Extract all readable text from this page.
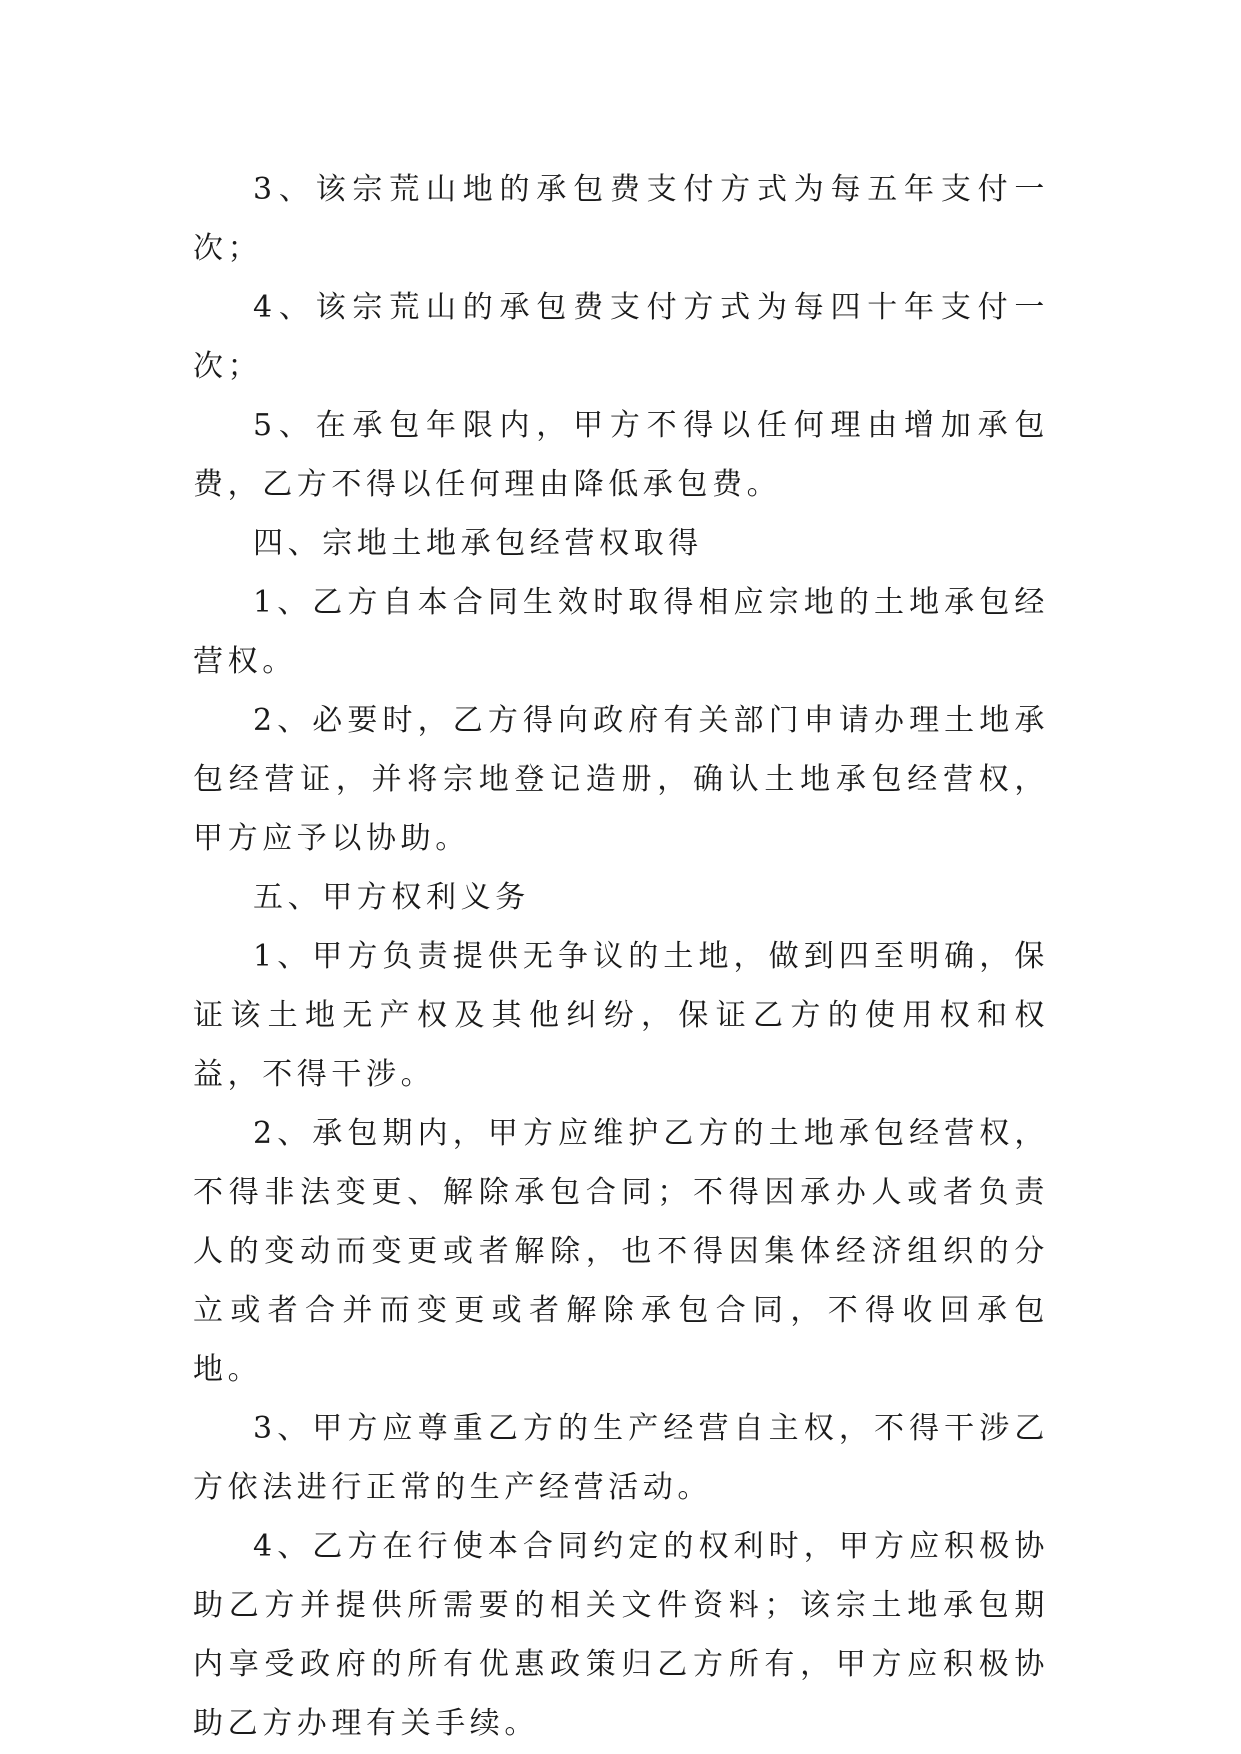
3、该宗荒山地的承包费支付方式为每五年支付一次；

4、该宗荒山的承包费支付方式为每四十年支付一次；

5、在承包年限内，甲方不得以任何理由增加承包费，乙方不得以任何理由降低承包费。

四、宗地土地承包经营权取得

1、乙方自本合同生效时取得相应宗地的土地承包经营权。

2、必要时，乙方得向政府有关部门申请办理土地承包经营证，并将宗地登记造册，确认土地承包经营权，甲方应予以协助。

五、甲方权利义务

1、甲方负责提供无争议的土地，做到四至明确，保证该土地无产权及其他纠纷，保证乙方的使用权和权益，不得干涉。

2、承包期内，甲方应维护乙方的土地承包经营权，不得非法变更、解除承包合同；不得因承办人或者负责人的变动而变更或者解除，也不得因集体经济组织的分立或者合并而变更或者解除承包合同，不得收回承包地。

3、甲方应尊重乙方的生产经营自主权，不得干涉乙方依法进行正常的生产经营活动。

4、乙方在行使本合同约定的权利时，甲方应积极协助乙方并提供所需要的相关文件资料；该宗土地承包期内享受政府的所有优惠政策归乙方所有，甲方应积极协助乙方办理有关手续。
